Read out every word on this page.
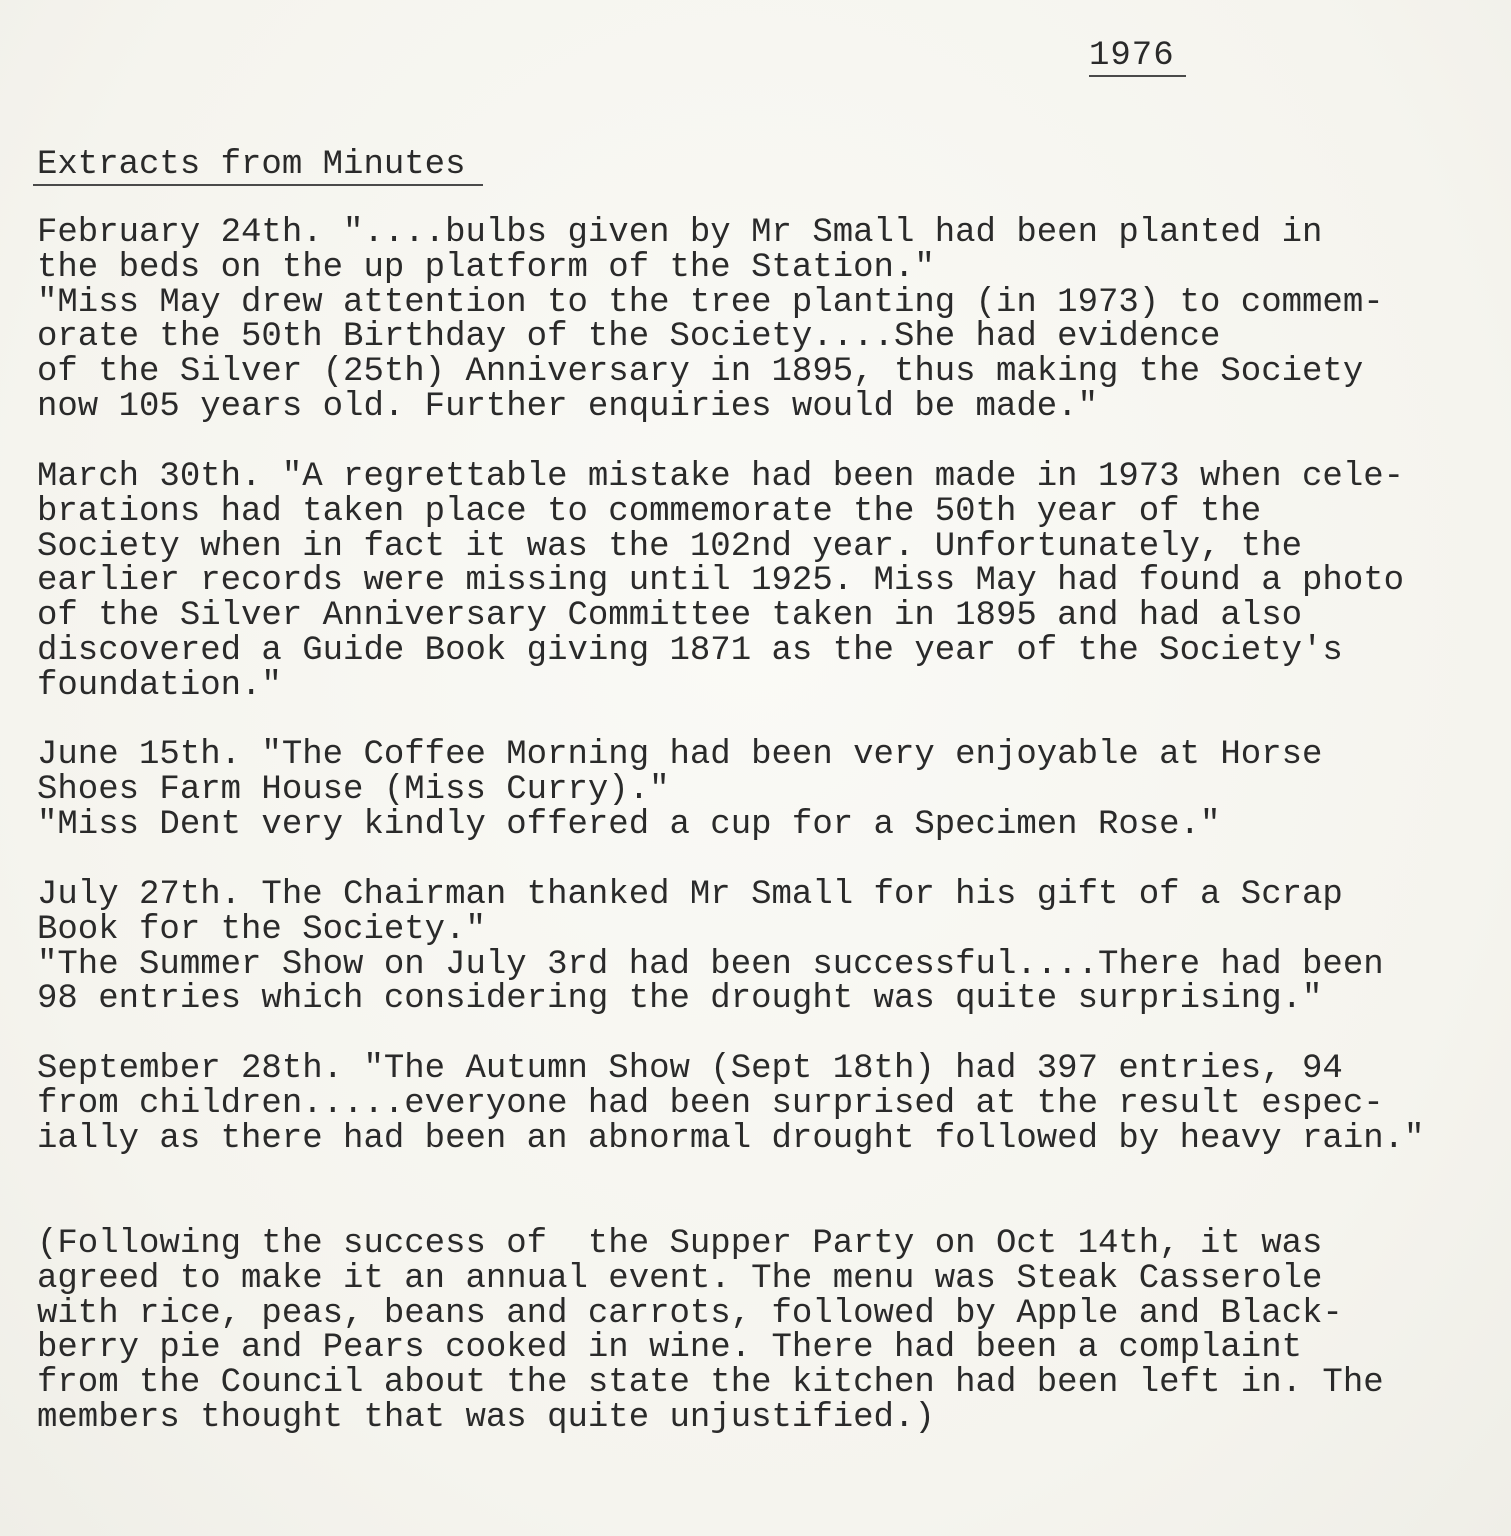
1976
Extracts from Minutes
February 24th. "....bulbs given by Mr Small had been planted in
the beds on the up platform of the Station."
"Miss May drew attention to the tree planting (in 1973) to commem-
orate the 50th Birthday of the Society....She had evidence
of the Silver (25th) Anniversary in 1895, thus making the Society
now 105 years old. Further enquiries would be made."
March 30th. "A regrettable mistake had been made in 1973 when cele-
brations had taken place to commemorate the 50th year of the
Society when in fact it was the 102nd year. Unfortunately, the
earlier records were missing until 1925. Miss May had found a photo
of the Silver Anniversary Committee taken in 1895 and had also
discovered a Guide Book giving 1871 as the year of the Society's
foundation."
June 15th. "The Coffee Morning had been very enjoyable at Horse
Shoes Farm House (Miss Curry)."
"Miss Dent very kindly offered a cup for a Specimen Rose."
July 27th. The Chairman thanked Mr Small for his gift of a Scrap
Book for the Society."
"The Summer Show on July 3rd had been successful....There had been
98 entries which considering the drought was quite surprising."
September 28th. "The Autumn Show (Sept 18th) had 397 entries, 94
from children.....everyone had been surprised at the result espec-
ially as there had been an abnormal drought followed by heavy rain."
(Following the success of  the Supper Party on Oct 14th, it was
agreed to make it an annual event. The menu was Steak Casserole
with rice, peas, beans and carrots, followed by Apple and Black-
berry pie and Pears cooked in wine. There had been a complaint
from the Council about the state the kitchen had been left in. The
members thought that was quite unjustified.)
